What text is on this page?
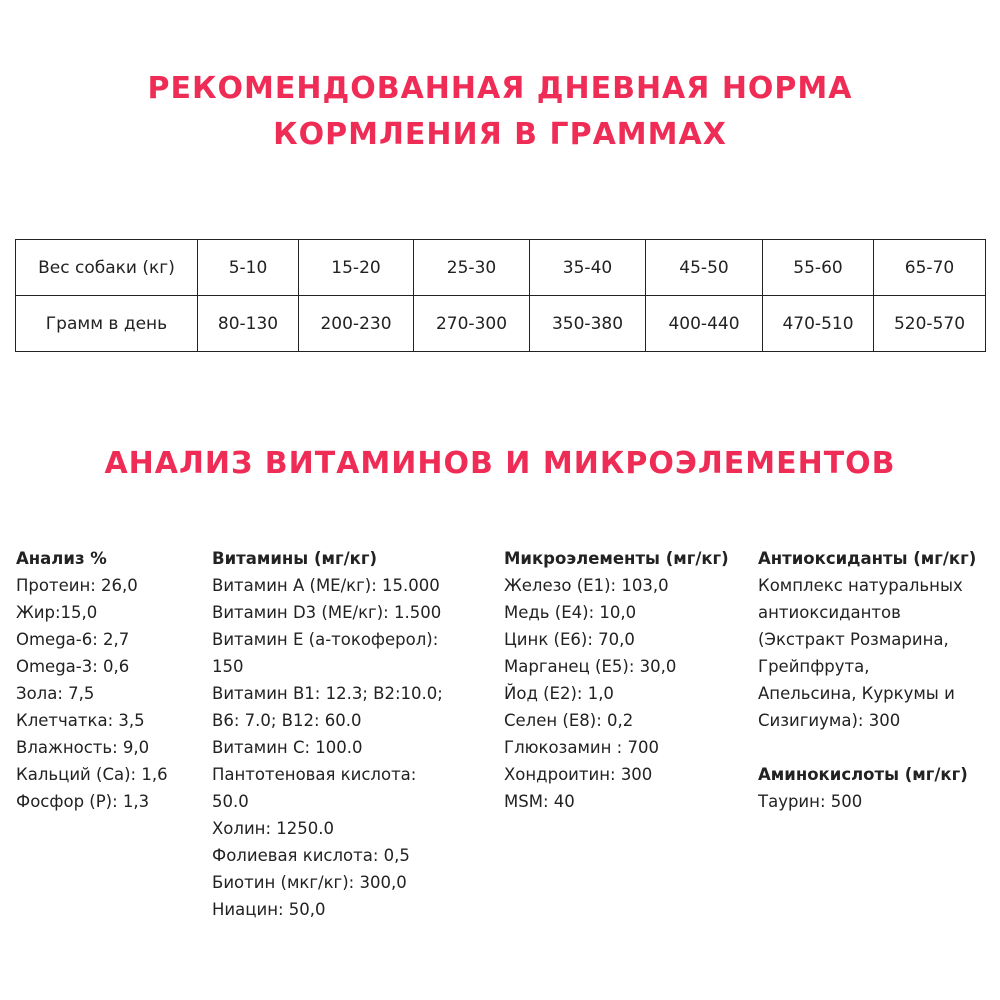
РЕКОМЕНДОВАННАЯ ДНЕВНАЯ НОРМА
КОРМЛЕНИЯ В ГРАММАХ
Вес собаки (кг)	5-10	15-20	25-30	35-40	45-50	55-60	65-70
Грамм в день	80-130	200-230	270-300	350-380	400-440	470-510	520-570
АНАЛИЗ ВИТАМИНОВ И МИКРОЭЛЕМЕНТОВ
Анализ %
Протеин: 26,0
Жир:15,0
Omega-6: 2,7
Omega-3: 0,6
Зола: 7,5
Клетчатка: 3,5
Влажность: 9,0
Кальций (Ca): 1,6
Фосфор (P): 1,3
Витамины (мг/кг)
Витамин A (МЕ/кг): 15.000
Витамин D3 (МЕ/кг): 1.500
Витамин Е (а-токоферол):
150
Витамин B1: 12.3; B2:10.0;
B6: 7.0; B12: 60.0
Витамин C: 100.0
Пантотеновая кислота:
50.0
Холин: 1250.0
Фолиевая кислота: 0,5
Биотин (мкг/кг): 300,0
Ниацин: 50,0
Микроэлементы (мг/кг)
Железо (E1): 103,0
Медь (E4): 10,0
Цинк (E6): 70,0
Марганец (E5): 30,0
Йод (E2): 1,0
Селен (E8): 0,2
Глюкозамин : 700
Хондроитин: 300
MSM: 40
Антиоксиданты (мг/кг)
Комплекс натуральных
антиоксидантов
(Экстракт Розмарина,
Грейпфрута,
Апельсина, Куркумы и
Сизигиума): 300
Аминокислоты (мг/кг)
Таурин: 500
